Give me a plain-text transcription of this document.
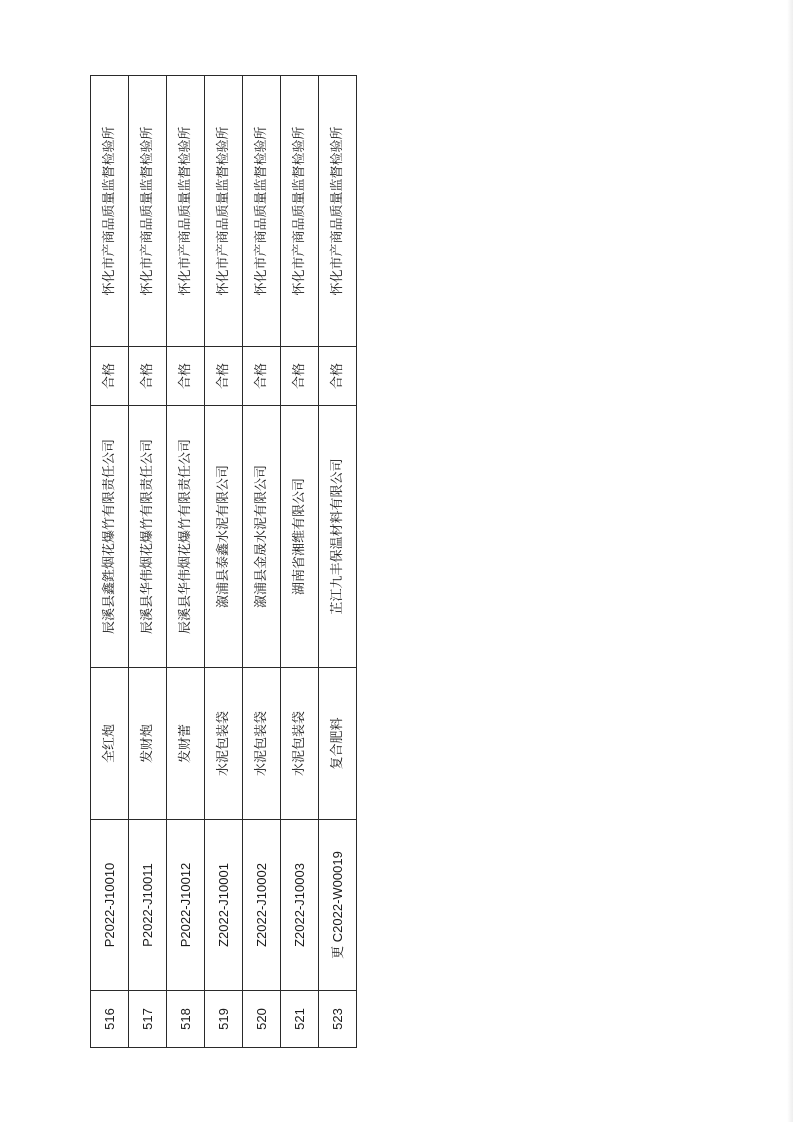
516	P2022-J10010	全红炮	辰溪县鑫鉎烟花爆竹有限责任公司	合格	怀化市产商品质量监督检验所
517	P2022-J10011	发财炮	辰溪县华伟烟花爆竹有限责任公司	合格	怀化市产商品质量监督检验所
518	P2022-J10012	发财蕾	辰溪县华伟烟花爆竹有限责任公司	合格	怀化市产商品质量监督检验所
519	Z2022-J10001	水泥包装袋	溆浦县泰鑫水泥有限公司	合格	怀化市产商品质量监督检验所
520	Z2022-J10002	水泥包装袋	溆浦县金晟水泥有限公司	合格	怀化市产商品质量监督检验所
521	Z2022-J10003	水泥包装袋	湖南省湘维有限公司	合格	怀化市产商品质量监督检验所
523	更 C2022-W00019	复合肥料	芷江九丰保温材料有限公司	合格	怀化市产商品质量监督检验所
